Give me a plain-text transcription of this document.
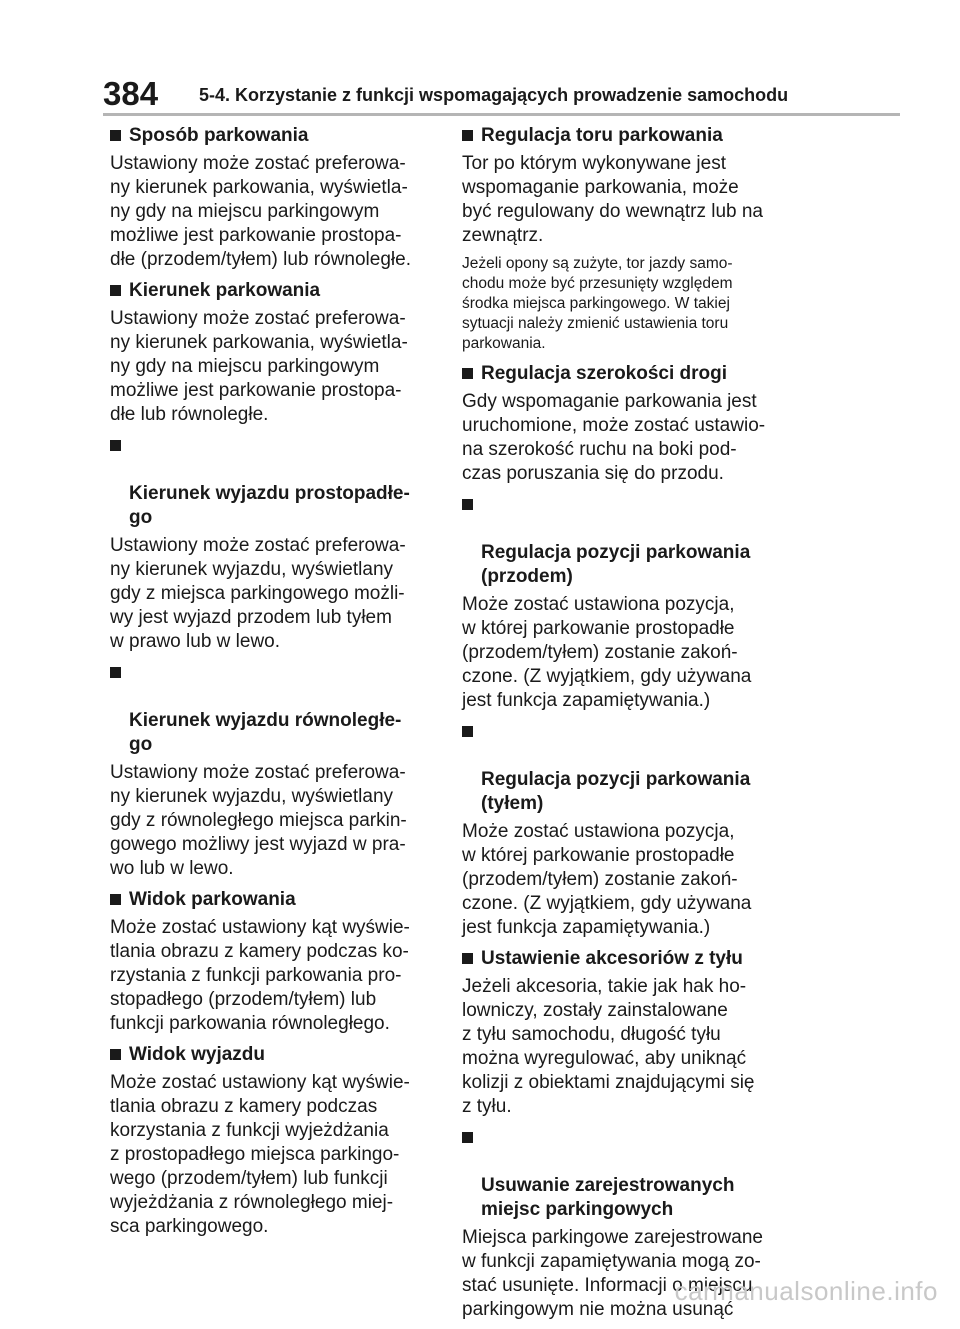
384 5-4. Korzystanie z funkcji wspomagających prowadzenie samochodu
Sposób parkowania
Ustawiony może zostać preferowa-
ny kierunek parkowania, wyświetla-
ny gdy na miejscu parkingowym
możliwe jest parkowanie prostopa-
dłe (przodem/tyłem) lub równoległe.
Kierunek parkowania
Ustawiony może zostać preferowa-
ny kierunek parkowania, wyświetla-
ny gdy na miejscu parkingowym
możliwe jest parkowanie prostopa-
dłe lub równoległe.

Kierunek wyjazdu prostopadłe-
go

Ustawiony może zostać preferowa-
ny kierunek wyjazdu, wyświetlany
gdy z miejsca parkingowego możli-
wy jest wyjazd przodem lub tyłem
w prawo lub w lewo.

Kierunek wyjazdu równoległe-
go

Ustawiony może zostać preferowa-
ny kierunek wyjazdu, wyświetlany
gdy z równoległego miejsca parkin-
gowego możliwy jest wyjazd w pra-
wo lub w lewo.
Widok parkowania
Może zostać ustawiony kąt wyświe-
tlania obrazu z kamery podczas ko-
rzystania z funkcji parkowania pro-
stopadłego (przodem/tyłem) lub
funkcji parkowania równoległego.
Widok wyjazdu
Może zostać ustawiony kąt wyświe-
tlania obrazu z kamery podczas
korzystania z funkcji wyjeżdżania
z prostopadłego miejsca parkingo-
wego (przodem/tyłem) lub funkcji
wyjeżdżania z równoległego miej-
sca parkingowego.
Regulacja toru parkowania
Tor po którym wykonywane jest
wspomaganie parkowania, może
być regulowany do wewnątrz lub na
zewnątrz.
Jeżeli opony są zużyte, tor jazdy samo-
chodu może być przesunięty względem
środka miejsca parkingowego. W takiej
sytuacji należy zmienić ustawienia toru
parkowania.
Regulacja szerokości drogi
Gdy wspomaganie parkowania jest
uruchomione, może zostać ustawio-
na szerokość ruchu na boki pod-
czas poruszania się do przodu.

Regulacja pozycji parkowania
(przodem)

Może zostać ustawiona pozycja,
w której parkowanie prostopadłe
(przodem/tyłem) zostanie zakoń-
czone. (Z wyjątkiem, gdy używana
jest funkcja zapamiętywania.)

Regulacja pozycji parkowania
(tyłem)

Może zostać ustawiona pozycja,
w której parkowanie prostopadłe
(przodem/tyłem) zostanie zakoń-
czone. (Z wyjątkiem, gdy używana
jest funkcja zapamiętywania.)
Ustawienie akcesoriów z tyłu
Jeżeli akcesoria, takie jak hak ho-
lowniczy, zostały zainstalowane
z tyłu samochodu, długość tyłu
można wyregulować, aby uniknąć
kolizji z obiektami znajdującymi się
z tyłu.

Usuwanie zarejestrowanych
miejsc parkingowych

Miejsca parkingowe zarejestrowane
w funkcji zapamiętywania mogą zo-
stać usunięte. Informacji o miejscu
parkingowym nie można usunąć
carmanualsonline.info
